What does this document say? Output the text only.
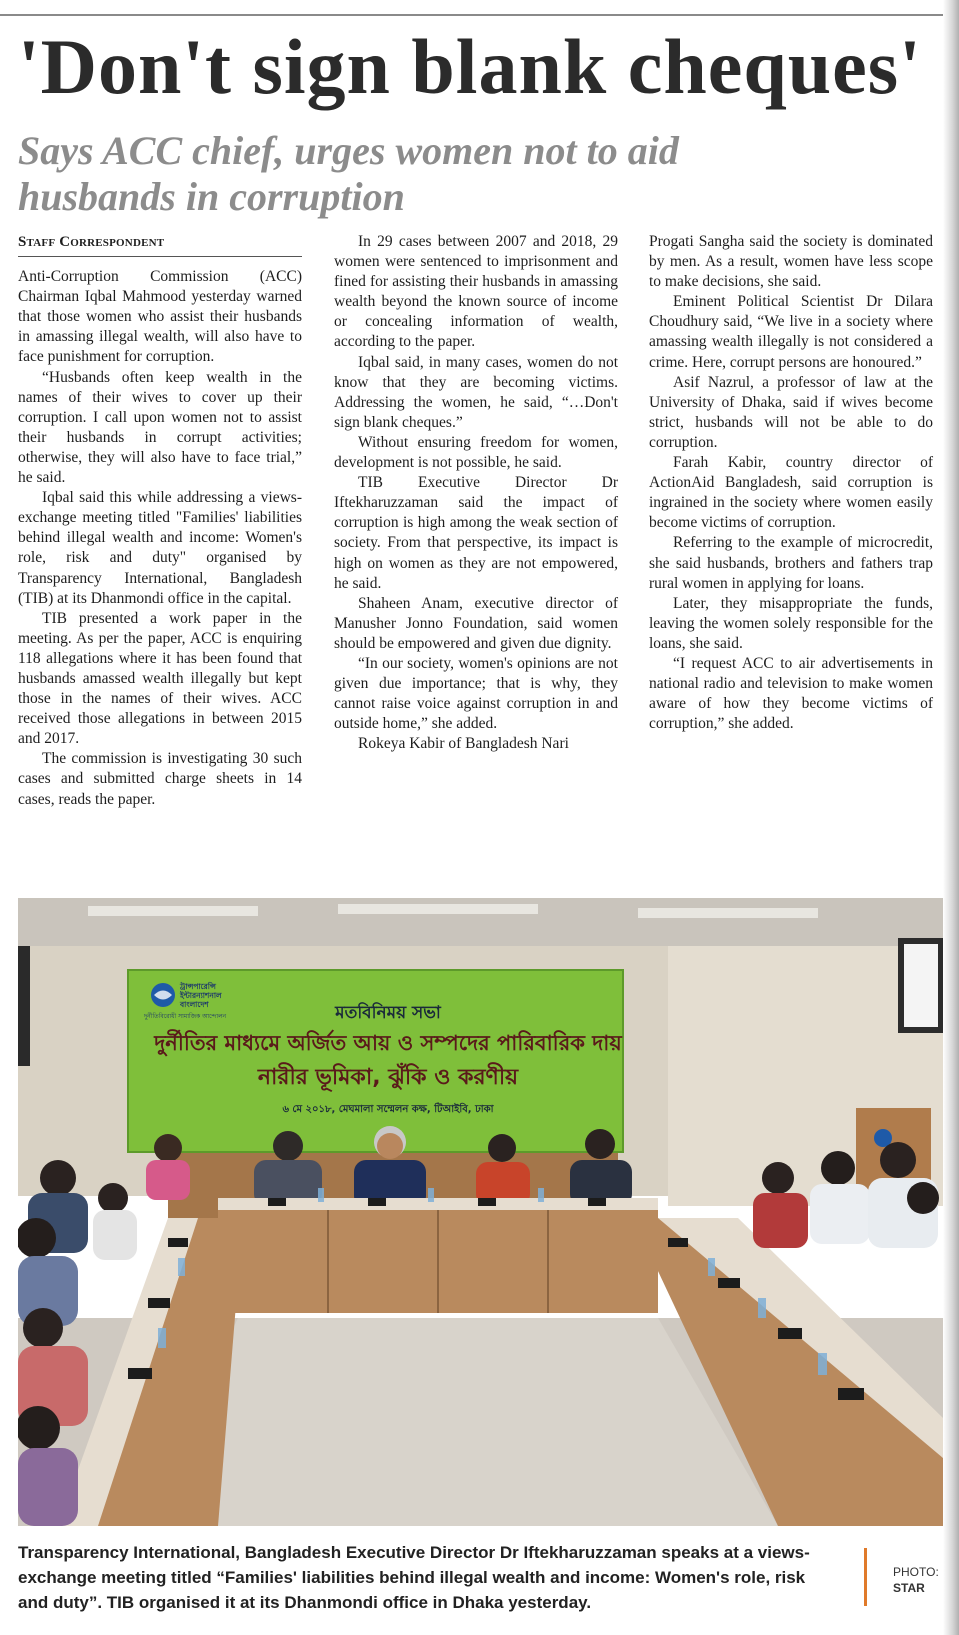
'Don't sign blank cheques'
Says ACC chief, urges women not to aid husbands in corruption
Staff Correspondent

Anti-Corruption Commission (ACC) Chairman Iqbal Mahmood yesterday warned that those women who assist their husbands in amassing illegal wealth, will also have to face punishment for corruption.

“Husbands often keep wealth in the names of their wives to cover up their corruption. I call upon women not to assist their husbands in corrupt activities; otherwise, they will also have to face trial,” he said.

Iqbal said this while addressing a views-exchange meeting titled "Families' liabilities behind illegal wealth and income: Women's role, risk and duty" organised by Transparency International, Bangladesh (TIB) at its Dhanmondi office in the capital.

TIB presented a work paper in the meeting. As per the paper, ACC is enquiring 118 allegations where it has been found that husbands amassed wealth illegally but kept those in the names of their wives. ACC received those allegations in between 2015 and 2017.

The commission is investigating 30 such cases and submitted charge sheets in 14 cases, reads the paper.

In 29 cases between 2007 and 2018, 29 women were sentenced to imprisonment and fined for assisting their husbands in amassing wealth beyond the known source of income or concealing information of wealth, according to the paper.

Iqbal said, in many cases, women do not know that they are becoming victims. Addressing the women, he said, “…Don't sign blank cheques.”

Without ensuring freedom for women, development is not possible, he said.

TIB Executive Director Dr Iftekharuzzaman said the impact of corruption is high among the weak section of society. From that perspective, its impact is high on women as they are not empowered, he said.

Shaheen Anam, executive director of Manusher Jonno Foundation, said women should be empowered and given due dignity.

“In our society, women's opinions are not given due importance; that is why, they cannot raise voice against corruption in and outside home,” she added.

Rokeya Kabir of Bangladesh Nari

Progati Sangha said the society is dominated by men. As a result, women have less scope to make decisions, she said.

Eminent Political Scientist Dr Dilara Choudhury said, “We live in a society where amassing wealth illegally is not considered a crime. Here, corrupt persons are honoured.”

Asif Nazrul, a professor of law at the University of Dhaka, said if wives become strict, husbands will not be able to do corruption.

Farah Kabir, country director of ActionAid Bangladesh, said corruption is ingrained in the society where women easily become victims of corruption.

Referring to the example of microcredit, she said husbands, brothers and fathers trap rural women in applying for loans.

Later, they misappropriate the funds, leaving the women solely responsible for the loans, she said.

“I request ACC to air advertisements in national radio and television to make women aware of how they become victims of corruption,” she added.

ট্রান্সপারেন্সি
ইন্টারন্যাশনাল
বাংলাদেশ
দুর্নীতিবিরোধী সামাজিক আন্দোলন	মতবিনিময় সভা
দুর্নীতির মাধ্যমে অর্জিত আয় ও সম্পদের পারিবারিক দায়
নারীর ভূমিকা, ঝুঁকি ও করণীয়
৬ মে ২০১৮, মেঘমালা সম্মেলন কক্ষ, টিআইবি, ঢাকা

Transparency International, Bangladesh Executive Director Dr Iftekharuzzaman speaks at a views-exchange meeting titled “Families' liabilities behind illegal wealth and income: Women's role, risk and duty”. TIB organised it at its Dhanmondi office in Dhaka yesterday.

PHOTO:
STAR
